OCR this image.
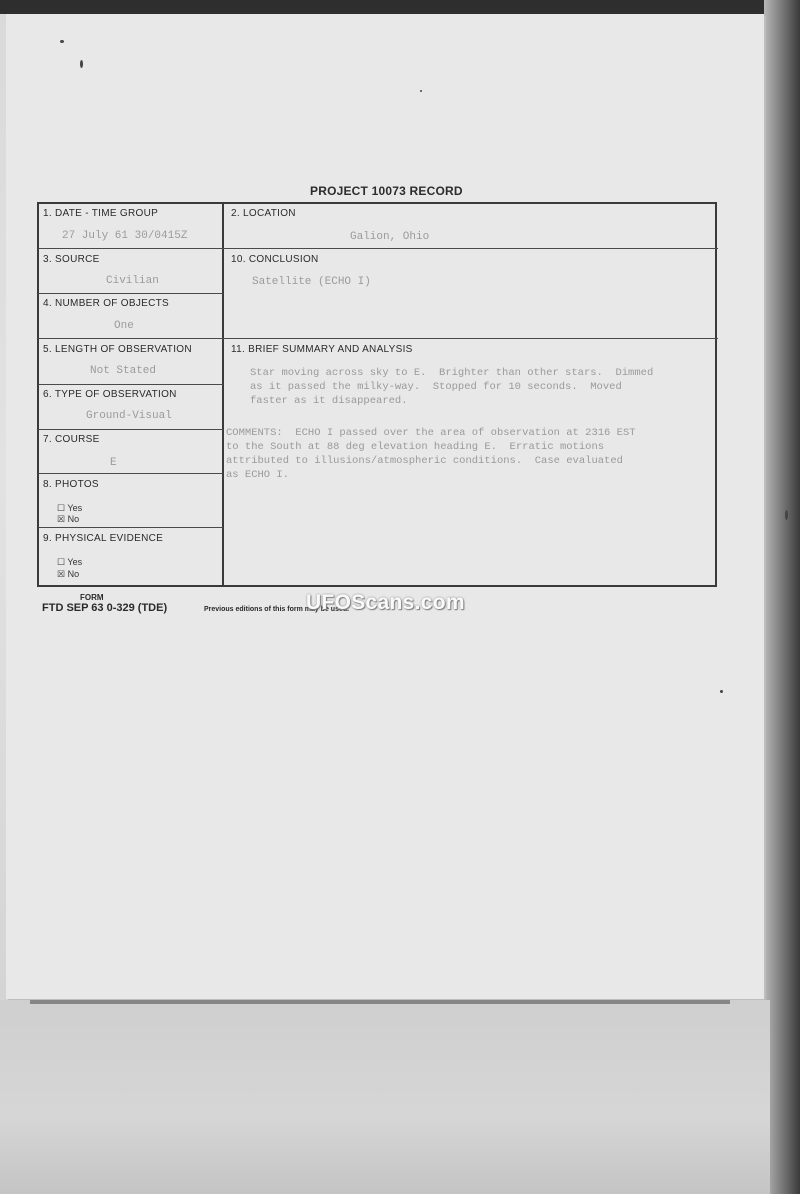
PROJECT 10073 RECORD
1. DATE - TIME GROUP
27 July 61 30/0415Z
3. SOURCE
Civilian
4. NUMBER OF OBJECTS
One
5. LENGTH OF OBSERVATION
Not Stated
6. TYPE OF OBSERVATION
Ground-Visual
7. COURSE
E
8. PHOTOS
☐ Yes
☒ No
9. PHYSICAL EVIDENCE
☐ Yes
☒ No
2. LOCATION
Galion, Ohio
10. CONCLUSION
Satellite (ECHO I)
11. BRIEF SUMMARY AND ANALYSIS
Star moving across sky to E.  Brighter than other stars.  Dimmed
as it passed the milky-way.  Stopped for 10 seconds.  Moved
faster as it disappeared.
COMMENTS:  ECHO I passed over the area of observation at 2316 EST
to the South at 88 deg elevation heading E.  Erratic motions
attributed to illusions/atmospheric conditions.  Case evaluated
as ECHO I.
FORM
FTD SEP 63 0-329 (TDE)	Previous editions of this form may be used.
UFOScans.com
